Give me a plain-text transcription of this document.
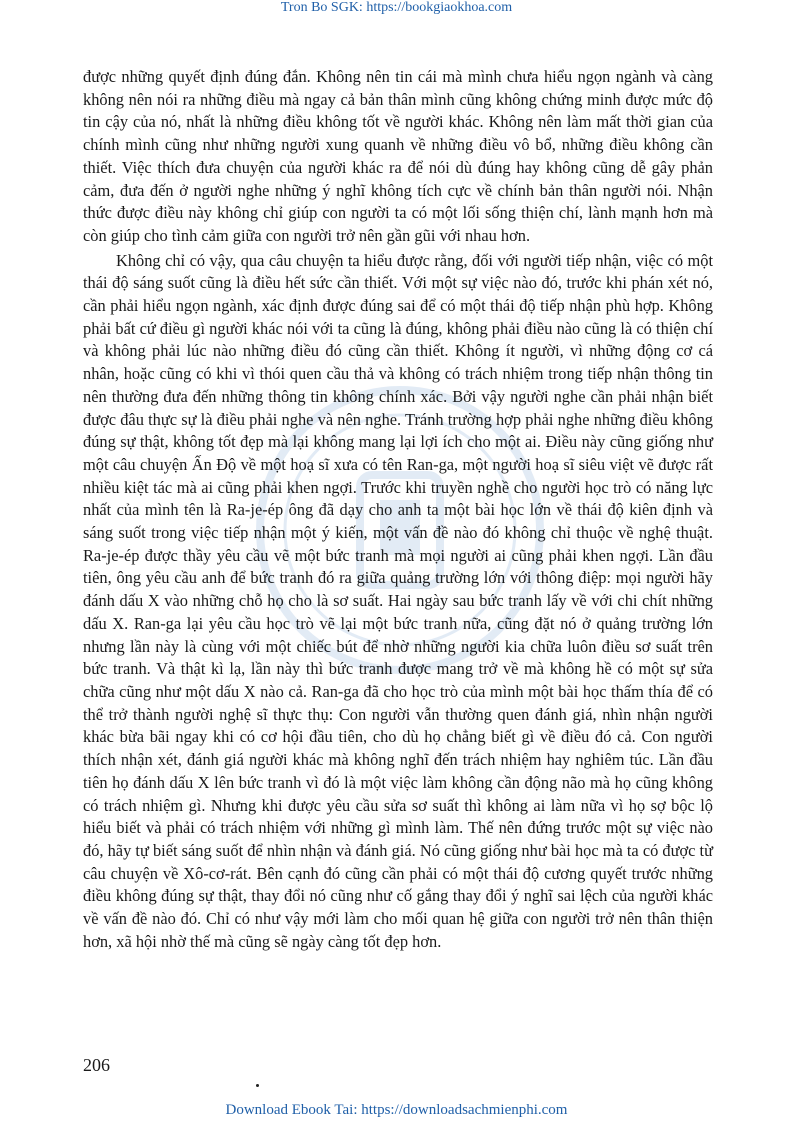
Tron Bo SGK: https://bookgiaokhoa.com

được những quyết định đúng đắn. Không nên tin cái mà mình chưa hiểu ngọn ngành và càng không nên nói ra những điều mà ngay cả bản thân mình cũng không chứng minh được mức độ tin cậy của nó, nhất là những điều không tốt về người khác. Không nên làm mất thời gian của chính mình cũng như những người xung quanh về những điều vô bổ, những điều không cần thiết. Việc thích đưa chuyện của người khác ra để nói dù đúng hay không cũng dễ gây phản cảm, đưa đến ở người nghe những ý nghĩ không tích cực về chính bản thân người nói. Nhận thức được điều này không chỉ giúp con người ta có một lối sống thiện chí, lành mạnh hơn mà còn giúp cho tình cảm giữa con người trở nên gần gũi với nhau hơn.

Không chỉ có vậy, qua câu chuyện ta hiểu được rằng, đối với người tiếp nhận, việc có một thái độ sáng suốt cũng là điều hết sức cần thiết. Với một sự việc nào đó, trước khi phán xét nó, cần phải hiểu ngọn ngành, xác định được đúng sai để có một thái độ tiếp nhận phù hợp. Không phải bất cứ điều gì người khác nói với ta cũng là đúng, không phải điều nào cũng là có thiện chí và không phải lúc nào những điều đó cũng cần thiết. Không ít người, vì những động cơ cá nhân, hoặc cũng có khi vì thói quen cầu thả và không có trách nhiệm trong tiếp nhận thông tin nên thường đưa đến những thông tin không chính xác. Bởi vậy người nghe cần phải nhận biết được đâu thực sự là điều phải nghe và nên nghe. Tránh trường hợp phải nghe những điều không đúng sự thật, không tốt đẹp mà lại không mang lại lợi ích cho một ai. Điều này cũng giống như một câu chuyện Ấn Độ về một hoạ sĩ xưa có tên Ran-ga, một người hoạ sĩ siêu việt vẽ được rất nhiều kiệt tác mà ai cũng phải khen ngợi. Trước khi truyền nghề cho người học trò có năng lực nhất của mình tên là Ra-je-ép ông đã dạy cho anh ta một bài học lớn về thái độ kiên định và sáng suốt trong việc tiếp nhận một ý kiến, một vấn đề nào đó không chỉ thuộc về nghệ thuật. Ra-je-ép được thầy yêu cầu vẽ một bức tranh mà mọi người ai cũng phải khen ngợi. Lần đầu tiên, ông yêu cầu anh để bức tranh đó ra giữa quảng trường lớn với thông điệp: mọi người hãy đánh dấu X vào những chỗ họ cho là sơ suất. Hai ngày sau bức tranh lấy về với chi chít những dấu X. Ran-ga lại yêu cầu học trò vẽ lại một bức tranh nữa, cũng đặt nó ở quảng trường lớn nhưng lần này là cùng với một chiếc bút để nhờ những người kia chữa luôn điều sơ suất trên bức tranh. Và thật kì lạ, lần này thì bức tranh được mang trở về mà không hề có một sự sửa chữa cũng như một dấu X nào cả. Ran-ga đã cho học trò của mình một bài học thấm thía để có thể trở thành người nghệ sĩ thực thụ: Con người vẫn thường quen đánh giá, nhìn nhận người khác bừa bãi ngay khi có cơ hội đầu tiên, cho dù họ chẳng biết gì về điều đó cả. Con người thích nhận xét, đánh giá người khác mà không nghĩ đến trách nhiệm hay nghiêm túc. Lần đầu tiên họ đánh dấu X lên bức tranh vì đó là một việc làm không cần động não mà họ cũng không có trách nhiệm gì. Nhưng khi được yêu cầu sửa sơ suất thì không ai làm nữa vì họ sợ bộc lộ hiểu biết và phải có trách nhiệm với những gì mình làm. Thế nên đứng trước một sự việc nào đó, hãy tự biết sáng suốt để nhìn nhận và đánh giá. Nó cũng giống như bài học mà ta có được từ câu chuyện về Xô-cơ-rát. Bên cạnh đó cũng cần phải có một thái độ cương quyết trước những điều không đúng sự thật, thay đổi nó cũng như cố gắng thay đổi ý nghĩ sai lệch của người khác về vấn đề nào đó. Chỉ có như vậy mới làm cho mối quan hệ giữa con người trở nên thân thiện hơn, xã hội nhờ thế mà cũng sẽ ngày càng tốt đẹp hơn.

206
Download Ebook Tai: https://downloadsachmienphi.com
